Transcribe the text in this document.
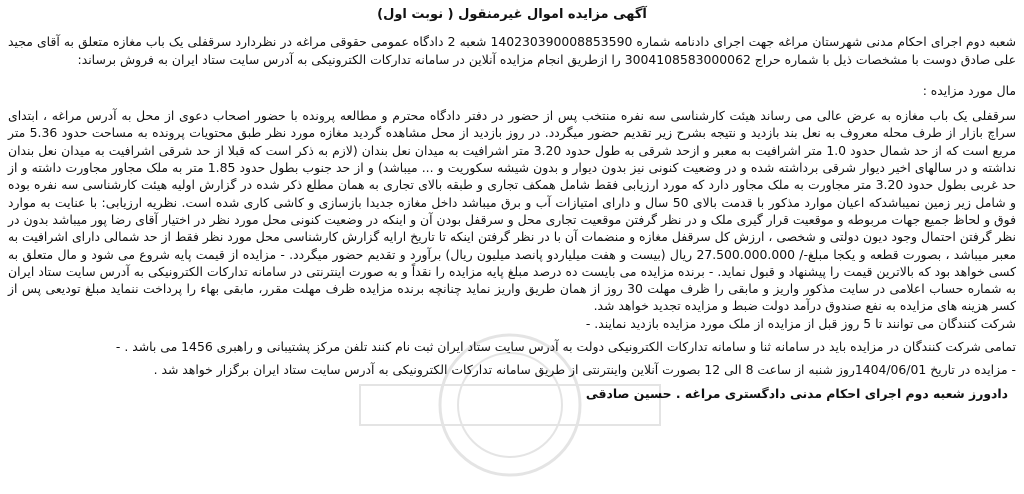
آگهی مزایده اموال غیرمنقول ( نوبت اول)

شعبه دوم اجرای احکام مدنی شهرستان مراغه جهت اجرای دادنامه شماره 140230390008853590 شعبه 2 دادگاه عمومی حقوقی مراغه در نظردارد سرقفلی یک باب مغازه متعلق به آقای مجید علی صادق دوست با مشخصات ذیل با شماره حراج 3004108583000062 را ازطریق انجام مزایده آنلاین در سامانه تدارکات الکترونیکی به آدرس سایت ستاد ایران به فروش برساند:

مال مورد مزایده :

سرقفلی یک باب مغازه به عرض عالی می رساند هیئت کارشناسی سه نفره منتخب پس از حضور در دفتر دادگاه محترم و مطالعه پرونده با حضور اصحاب دعوی از محل به آدرس مراغه ، ابتدای سراچ بازار از طرف محله معروف به نعل بند بازدید و نتیجه بشرح زیر تقدیم حضور میگردد. در روز بازدید از محل مشاهده گردید مغازه مورد نظر طبق محتویات پرونده به مساحت حدود 5.36 متر مربع است که از حد شمال حدود 1.0 متر اشرافیت به معبر و ازحد شرقی به طول حدود 3.20 متر اشرافیت به میدان نعل بندان (لازم به ذکر است که قبلا از حد شرقی اشرافیت به میدان نعل بندان نداشته و در سالهای اخیر دیوار شرقی برداشته شده و در وضعیت کنونی نیز بدون دیوار و بدون شیشه سکوریت و ... میباشد) و از حد جنوب بطول حدود 1.85 متر به ملک مجاور مجاورت داشته و از حد غربی بطول حدود 3.20 متر مجاورت به ملک مجاور دارد که مورد ارزیابی فقط شامل همکف تجاری و طبقه بالای تجاری به همان مطلع ذکر شده در گزارش اولیه هیئت کارشناسی سه نفره بوده و شامل زیر زمین نمیباشدکه اعیان موارد مذکور با قدمت بالای 50 سال و دارای امتیازات آب و برق میباشد داخل مغازه جدیدا بازسازی و کاشی کاری شده است. نظریه ارزیابی: با عنایت به موارد فوق و لحاظ جمیع جهات مربوطه و موقعیت قرار گیری ملک و در نظر گرفتن موقعیت تجاری محل و سرقفل بودن آن و اینکه در وضعیت کنونی محل مورد نظر در اختیار آقای رضا پور میباشد بدون در نظر گرفتن احتمال وجود دیون دولتی و شخصی ، ارزش کل سرقفل مغازه و منضمات آن با در نظر گرفتن اینکه تا تاریخ ارایه گزارش کارشناسی محل مورد نظر فقط از حد شمالی دارای اشرافیت به معبر میباشد ، بصورت قطعه و یکجا مبلغ-/ 27.500.000.000 ریال (بیست و هفت میلیاردو پانصد میلیون ریال) برآورد و تقدیم حضور میگردد. - مزایده از قیمت پایه شروع می شود و مال متعلق به کسی خواهد بود که بالاترین قیمت را پیشنهاد و قبول نماید. - برنده مزایده می بایست ده درصد مبلغ پایه مزایده را نقداً و به صورت اینترنتی در سامانه تدارکات الکترونیکی به آدرس سایت ستاد ایران به شماره حساب اعلامی در سایت مذکور واریز و مابقی را ظرف مهلت 30 روز از همان طریق واریز نماید چنانچه برنده مزایده ظرف مهلت مقرر، مابقی بهاء را پرداخت ننماید مبلغ تودیعی پس از کسر هزینه های مزایده به نفع صندوق درآمد دولت ضبط و مزایده تجدید خواهد شد.

شرکت کنندگان می توانند تا 5 روز قبل از مزایده از ملک مورد مزایده بازدید نمایند. -

تمامی شرکت کنندگان در مزایده باید در سامانه ثنا و سامانه تدارکات الکترونیکی دولت به آدرس سایت ستاد ایران ثبت نام کنند تلفن مرکز پشتیبانی و راهبری 1456 می باشد . -

- مزایده در تاریخ 1404/06/01روز شنبه از ساعت 8 الی 12 بصورت آنلاین واینترنتی از طریق سامانه تدارکات الکترونیکی به آدرس سایت ستاد ایران برگزار خواهد شد .

دادورز شعبه دوم اجرای احکام مدنی دادگستری مراغه . حسین صادقی
